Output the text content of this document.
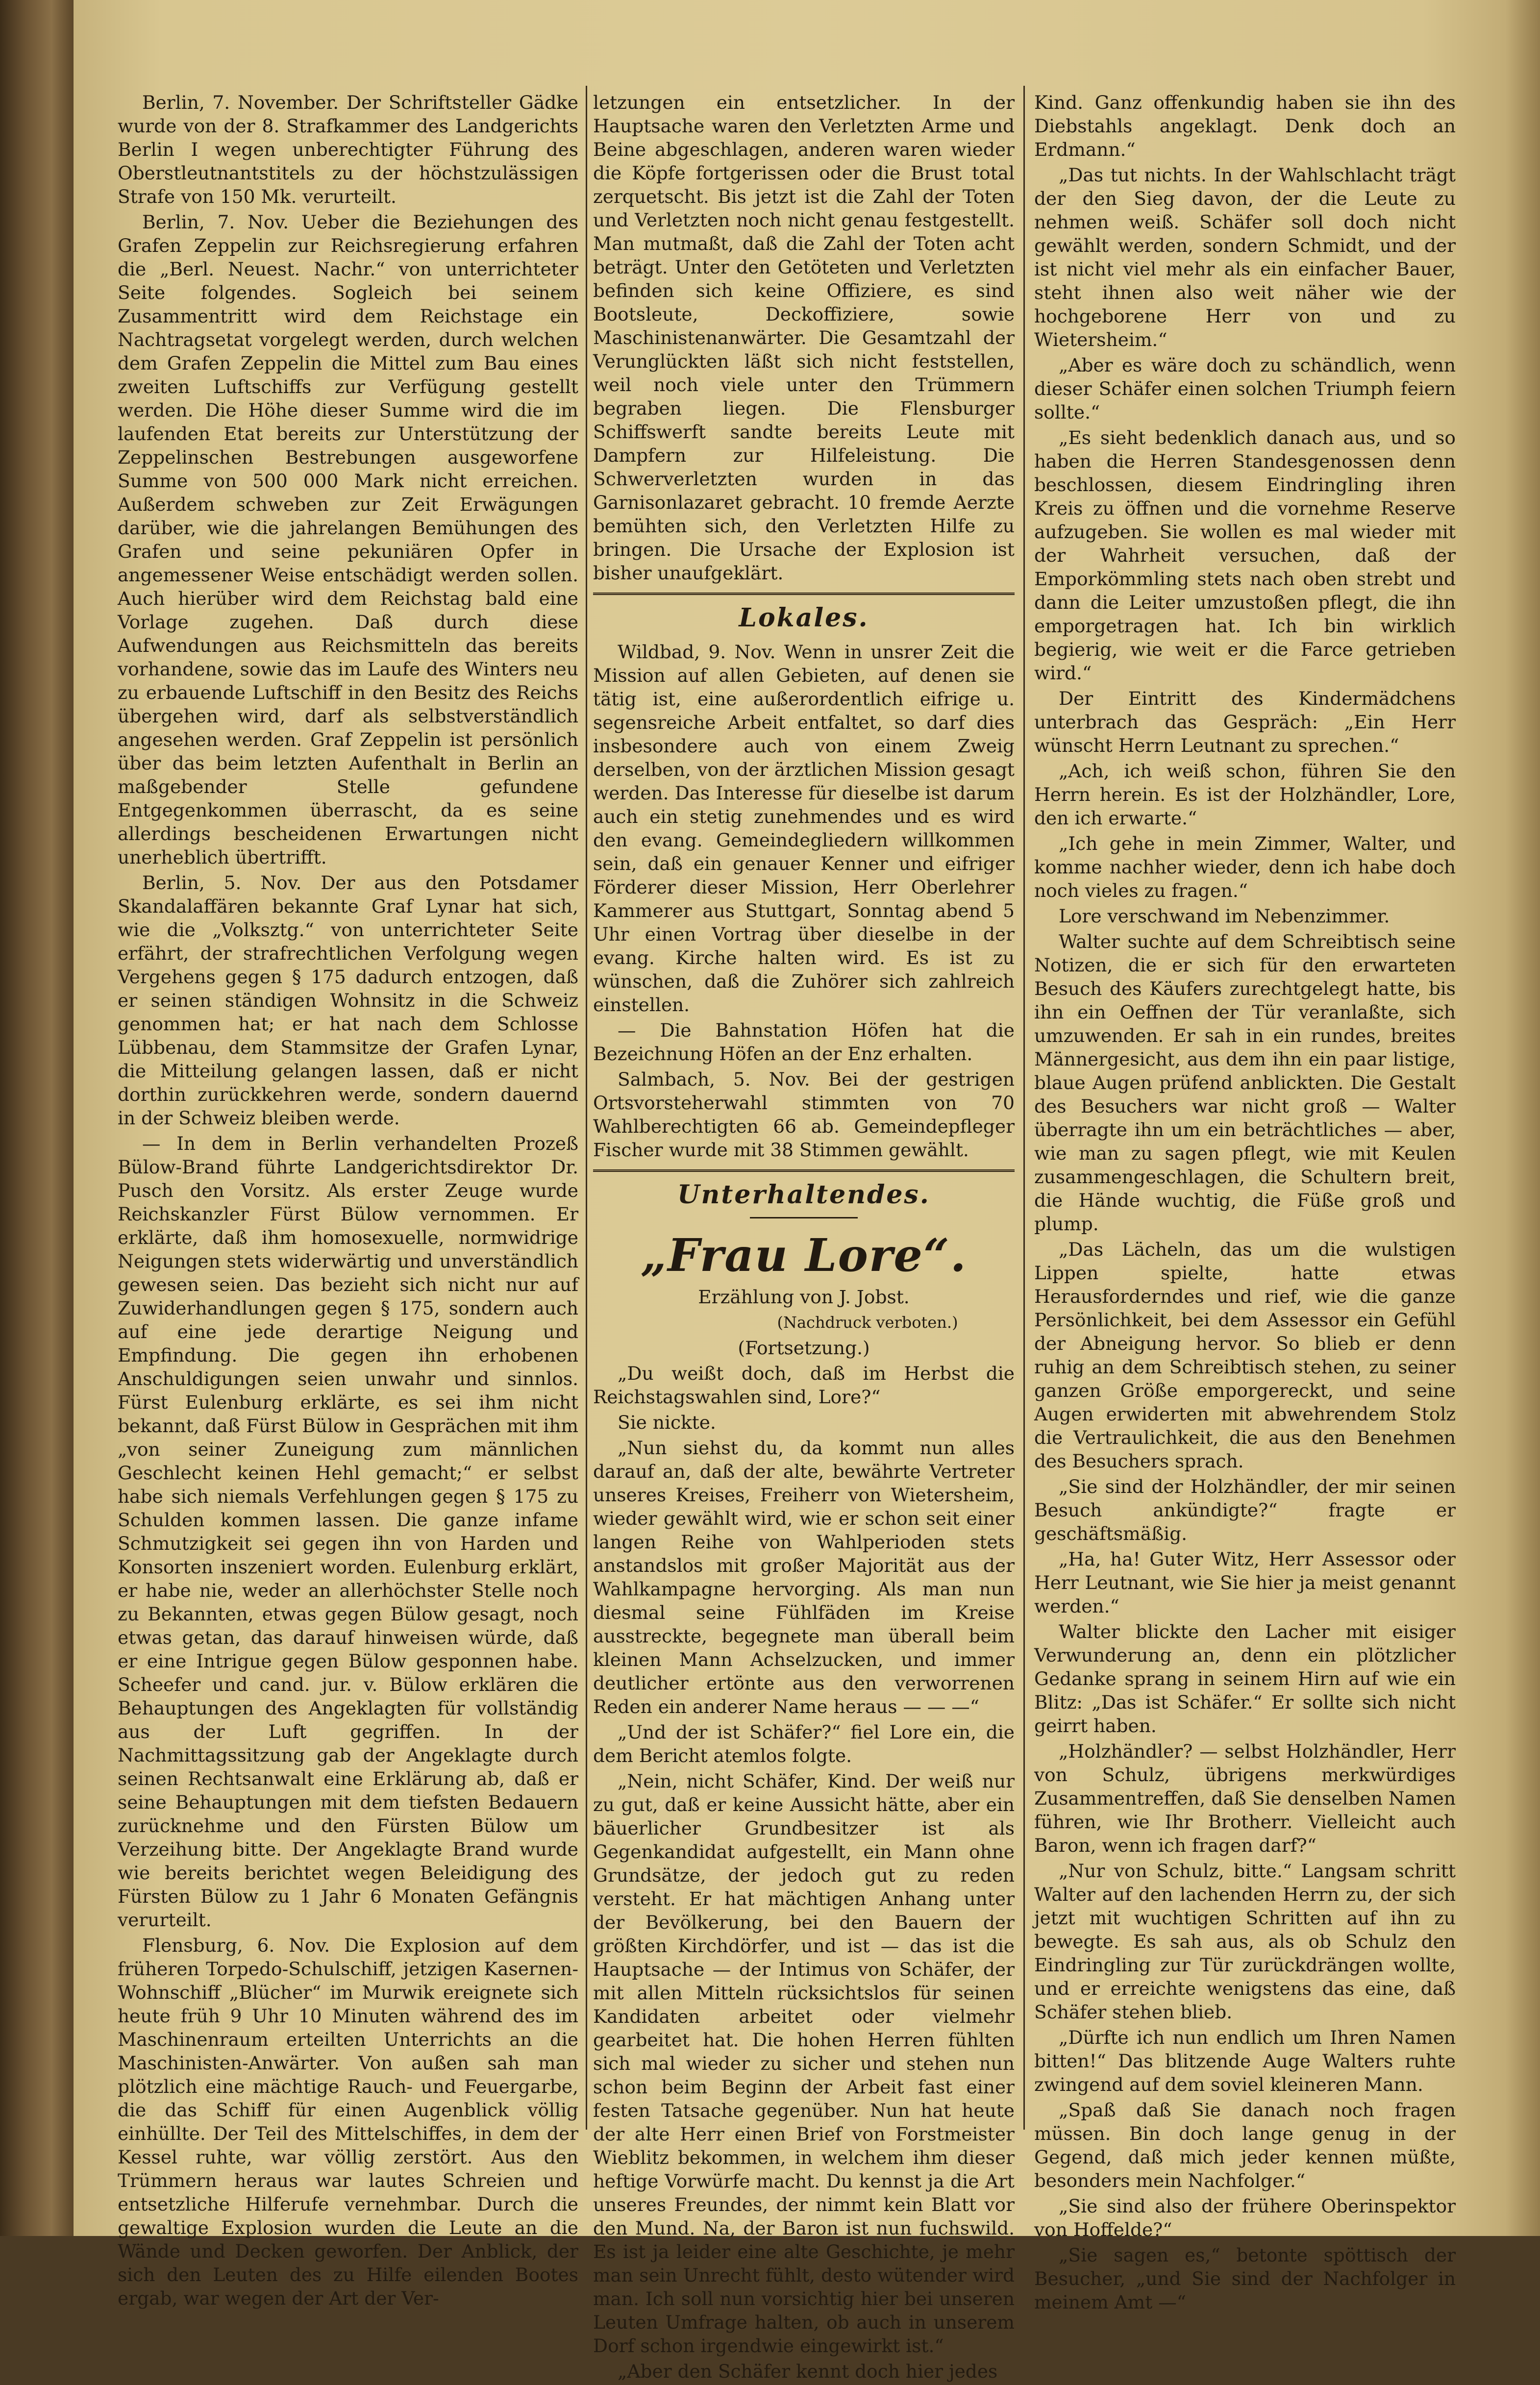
Berlin, 7. November. Der Schriftsteller Gädke wurde von der 8. Strafkammer des Landgerichts Berlin I wegen unberechtigter Führung des Oberstleutnantstitels zu der höchstzulässigen Strafe von 150 Mk. verurteilt.

Berlin, 7. Nov. Ueber die Beziehungen des Grafen Zeppelin zur Reichsregierung erfahren die „Berl. Neuest. Nachr.“ von unterrichteter Seite folgendes. Sogleich bei seinem Zusammentritt wird dem Reichstage ein Nachtragsetat vorgelegt werden, durch welchen dem Grafen Zeppelin die Mittel zum Bau eines zweiten Luftschiffs zur Verfügung gestellt werden. Die Höhe dieser Summe wird die im laufenden Etat bereits zur Unterstützung der Zeppelinschen Bestrebungen ausgeworfene Summe von 500 000 Mark nicht erreichen. Außerdem schweben zur Zeit Erwägungen darüber, wie die jahrelangen Bemühungen des Grafen und seine pekuniären Opfer in angemessener Weise entschädigt werden sollen. Auch hierüber wird dem Reichstag bald eine Vorlage zugehen. Daß durch diese Aufwendungen aus Reichsmitteln das bereits vorhandene, sowie das im Laufe des Winters neu zu erbauende Luftschiff in den Besitz des Reichs übergehen wird, darf als selbstverständlich angesehen werden. Graf Zeppelin ist persönlich über das beim letzten Aufenthalt in Berlin an maßgebender Stelle gefundene Entgegenkommen überrascht, da es seine allerdings bescheidenen Erwartungen nicht unerheblich übertrifft.

Berlin, 5. Nov. Der aus den Potsdamer Skandalaffären bekannte Graf Lynar hat sich, wie die „Volksztg.“ von unterrichteter Seite erfährt, der strafrechtlichen Verfolgung wegen Vergehens gegen § 175 dadurch entzogen, daß er seinen ständigen Wohnsitz in die Schweiz genommen hat; er hat nach dem Schlosse Lübbenau, dem Stammsitze der Grafen Lynar, die Mitteilung gelangen lassen, daß er nicht dorthin zurückkehren werde, sondern dauernd in der Schweiz bleiben werde.

— In dem in Berlin verhandelten Prozeß Bülow-Brand führte Landgerichtsdirektor Dr. Pusch den Vorsitz. Als erster Zeuge wurde Reichskanzler Fürst Bülow vernommen. Er erklärte, daß ihm homosexuelle, normwidrige Neigungen stets widerwärtig und unverständlich gewesen seien. Das bezieht sich nicht nur auf Zuwiderhandlungen gegen § 175, sondern auch auf eine jede derartige Neigung und Empfindung. Die gegen ihn erhobenen Anschuldigungen seien unwahr und sinnlos. Fürst Eulenburg erklärte, es sei ihm nicht bekannt, daß Fürst Bülow in Gesprächen mit ihm „von seiner Zuneigung zum männlichen Geschlecht keinen Hehl gemacht;“ er selbst habe sich niemals Verfehlungen gegen § 175 zu Schulden kommen lassen. Die ganze infame Schmutzigkeit sei gegen ihn von Harden und Konsorten inszeniert worden. Eulenburg erklärt, er habe nie, weder an allerhöchster Stelle noch zu Bekannten, etwas gegen Bülow gesagt, noch etwas getan, das darauf hinweisen würde, daß er eine Intrigue gegen Bülow gesponnen habe. Scheefer und cand. jur. v. Bülow erklären die Behauptungen des Angeklagten für vollständig aus der Luft gegriffen. In der Nachmittagssitzung gab der Angeklagte durch seinen Rechtsanwalt eine Erklärung ab, daß er seine Behauptungen mit dem tiefsten Bedauern zurücknehme und den Fürsten Bülow um Verzeihung bitte. Der Angeklagte Brand wurde wie bereits berichtet wegen Beleidigung des Fürsten Bülow zu 1 Jahr 6 Monaten Gefängnis verurteilt.

Flensburg, 6. Nov. Die Explosion auf dem früheren Torpedo-Schulschiff, jetzigen Kasernen-Wohnschiff „Blücher“ im Murwik ereignete sich heute früh 9 Uhr 10 Minuten während des im Maschinenraum erteilten Unterrichts an die Maschinisten-Anwärter. Von außen sah man plötzlich eine mächtige Rauch- und Feuergarbe, die das Schiff für einen Augenblick völlig einhüllte. Der Teil des Mittelschiffes, in dem der Kessel ruhte, war völlig zerstört. Aus den Trümmern heraus war lautes Schreien und entsetzliche Hilferufe vernehmbar. Durch die gewaltige Explosion wurden die Leute an die Wände und Decken geworfen. Der Anblick, der sich den Leuten des zu Hilfe eilenden Bootes ergab, war wegen der Art der Ver-

letzungen ein entsetzlicher. In der Hauptsache waren den Verletzten Arme und Beine abgeschlagen, anderen waren wieder die Köpfe fortgerissen oder die Brust total zerquetscht. Bis jetzt ist die Zahl der Toten und Verletzten noch nicht genau festgestellt. Man mutmaßt, daß die Zahl der Toten acht beträgt. Unter den Getöteten und Verletzten befinden sich keine Offiziere, es sind Bootsleute, Deckoffiziere, sowie Maschinistenanwärter. Die Gesamtzahl der Verunglückten läßt sich nicht feststellen, weil noch viele unter den Trümmern begraben liegen. Die Flensburger Schiffswerft sandte bereits Leute mit Dampfern zur Hilfeleistung. Die Schwerverletzten wurden in das Garnisonlazaret gebracht. 10 fremde Aerzte bemühten sich, den Verletzten Hilfe zu bringen. Die Ursache der Explosion ist bisher unaufgeklärt.

Lokales.

Wildbad, 9. Nov. Wenn in unsrer Zeit die Mission auf allen Gebieten, auf denen sie tätig ist, eine außerordentlich eifrige u. segensreiche Arbeit entfaltet, so darf dies insbesondere auch von einem Zweig derselben, von der ärztlichen Mission gesagt werden. Das Interesse für dieselbe ist darum auch ein stetig zunehmendes und es wird den evang. Gemeindegliedern willkommen sein, daß ein genauer Kenner und eifriger Förderer dieser Mission, Herr Oberlehrer Kammerer aus Stuttgart, Sonntag abend 5 Uhr einen Vortrag über dieselbe in der evang. Kirche halten wird. Es ist zu wünschen, daß die Zuhörer sich zahlreich einstellen.

— Die Bahnstation Höfen hat die Bezeichnung Höfen an der Enz erhalten.

Salmbach, 5. Nov. Bei der gestrigen Ortsvorsteherwahl stimmten von 70 Wahlberechtigten 66 ab. Gemeindepfleger Fischer wurde mit 38 Stimmen gewählt.

Unterhaltendes.
„Frau Lore“.

Erzählung von J. Jobst.

(Nachdruck verboten.)

(Fortsetzung.)

„Du weißt doch, daß im Herbst die Reichstagswahlen sind, Lore?“

Sie nickte.

„Nun siehst du, da kommt nun alles darauf an, daß der alte, bewährte Vertreter unseres Kreises, Freiherr von Wietersheim, wieder gewählt wird, wie er schon seit einer langen Reihe von Wahlperioden stets anstandslos mit großer Majorität aus der Wahlkampagne hervorging. Als man nun diesmal seine Fühlfäden im Kreise ausstreckte, begegnete man überall beim kleinen Mann Achselzucken, und immer deutlicher ertönte aus den verworrenen Reden ein anderer Name heraus — — —“

„Und der ist Schäfer?“ fiel Lore ein, die dem Bericht atemlos folgte.

„Nein, nicht Schäfer, Kind. Der weiß nur zu gut, daß er keine Aussicht hätte, aber ein bäuerlicher Grundbesitzer ist als Gegenkandidat aufgestellt, ein Mann ohne Grundsätze, der jedoch gut zu reden versteht. Er hat mächtigen Anhang unter der Bevölkerung, bei den Bauern der größten Kirchdörfer, und ist — das ist die Hauptsache — der Intimus von Schäfer, der mit allen Mitteln rücksichtslos für seinen Kandidaten arbeitet oder vielmehr gearbeitet hat. Die hohen Herren fühlten sich mal wieder zu sicher und stehen nun schon beim Beginn der Arbeit fast einer festen Tatsache gegenüber. Nun hat heute der alte Herr einen Brief von Forstmeister Wieblitz bekommen, in welchem ihm dieser heftige Vorwürfe macht. Du kennst ja die Art unseres Freundes, der nimmt kein Blatt vor den Mund. Na, der Baron ist nun fuchswild. Es ist ja leider eine alte Geschichte, je mehr man sein Unrecht fühlt, desto wütender wird man. Ich soll nun vorsichtig hier bei unseren Leuten Umfrage halten, ob auch in unserem Dorf schon irgendwie eingewirkt ist.“

„Aber den Schäfer kennt doch hier jedes

Kind. Ganz offenkundig haben sie ihn des Diebstahls angeklagt. Denk doch an Erdmann.“

„Das tut nichts. In der Wahlschlacht trägt der den Sieg davon, der die Leute zu nehmen weiß. Schäfer soll doch nicht gewählt werden, sondern Schmidt, und der ist nicht viel mehr als ein einfacher Bauer, steht ihnen also weit näher wie der hochgeborene Herr von und zu Wietersheim.“

„Aber es wäre doch zu schändlich, wenn dieser Schäfer einen solchen Triumph feiern sollte.“

„Es sieht bedenklich danach aus, und so haben die Herren Standesgenossen denn beschlossen, diesem Eindringling ihren Kreis zu öffnen und die vornehme Reserve aufzugeben. Sie wollen es mal wieder mit der Wahrheit versuchen, daß der Emporkömmling stets nach oben strebt und dann die Leiter umzustoßen pflegt, die ihn emporgetragen hat. Ich bin wirklich begierig, wie weit er die Farce getrieben wird.“

Der Eintritt des Kindermädchens unterbrach das Gespräch: „Ein Herr wünscht Herrn Leutnant zu sprechen.“

„Ach, ich weiß schon, führen Sie den Herrn herein. Es ist der Holzhändler, Lore, den ich erwarte.“

„Ich gehe in mein Zimmer, Walter, und komme nachher wieder, denn ich habe doch noch vieles zu fragen.“

Lore verschwand im Nebenzimmer.

Walter suchte auf dem Schreibtisch seine Notizen, die er sich für den erwarteten Besuch des Käufers zurechtgelegt hatte, bis ihn ein Oeffnen der Tür veranlaßte, sich umzuwenden. Er sah in ein rundes, breites Männergesicht, aus dem ihn ein paar listige, blaue Augen prüfend anblickten. Die Gestalt des Besuchers war nicht groß — Walter überragte ihn um ein beträchtliches — aber, wie man zu sagen pflegt, wie mit Keulen zusammengeschlagen, die Schultern breit, die Hände wuchtig, die Füße groß und plump.

„Das Lächeln, das um die wulstigen Lippen spielte, hatte etwas Herausforderndes und rief, wie die ganze Persönlichkeit, bei dem Assessor ein Gefühl der Abneigung hervor. So blieb er denn ruhig an dem Schreibtisch stehen, zu seiner ganzen Größe emporgereckt, und seine Augen erwiderten mit abwehrendem Stolz die Vertraulichkeit, die aus den Benehmen des Besuchers sprach.

„Sie sind der Holzhändler, der mir seinen Besuch ankündigte?“ fragte er geschäftsmäßig.

„Ha, ha! Guter Witz, Herr Assessor oder Herr Leutnant, wie Sie hier ja meist genannt werden.“

Walter blickte den Lacher mit eisiger Verwunderung an, denn ein plötzlicher Gedanke sprang in seinem Hirn auf wie ein Blitz: „Das ist Schäfer.“ Er sollte sich nicht geirrt haben.

„Holzhändler? — selbst Holzhändler, Herr von Schulz, übrigens merkwürdiges Zusammentreffen, daß Sie denselben Namen führen, wie Ihr Brotherr. Vielleicht auch Baron, wenn ich fragen darf?“

„Nur von Schulz, bitte.“ Langsam schritt Walter auf den lachenden Herrn zu, der sich jetzt mit wuchtigen Schritten auf ihn zu bewegte. Es sah aus, als ob Schulz den Eindringling zur Tür zurückdrängen wollte, und er erreichte wenigstens das eine, daß Schäfer stehen blieb.

„Dürfte ich nun endlich um Ihren Namen bitten!“ Das blitzende Auge Walters ruhte zwingend auf dem soviel kleineren Mann.

„Spaß daß Sie danach noch fragen müssen. Bin doch lange genug in der Gegend, daß mich jeder kennen müßte, besonders mein Nachfolger.“

„Sie sind also der frühere Oberinspektor von Hoffelde?“

„Sie sagen es,“ betonte spöttisch der Besucher, „und Sie sind der Nachfolger in meinem Amt —“
